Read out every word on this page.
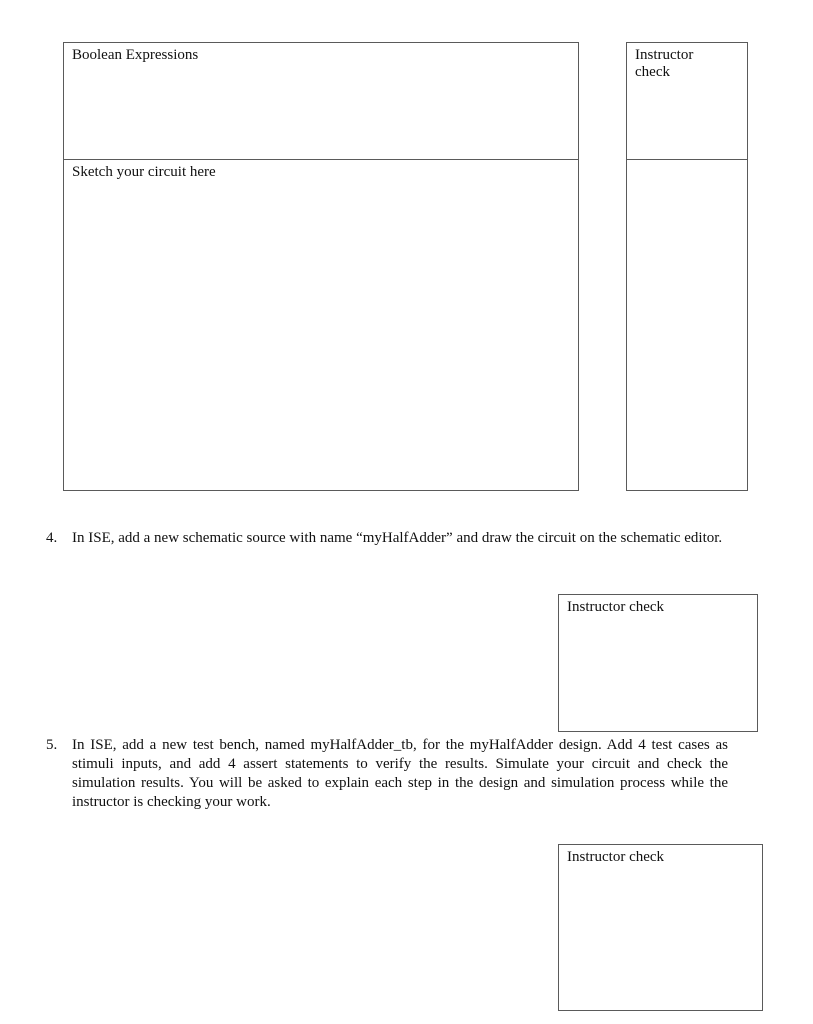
Boolean Expressions	Instructor check
Sketch your circuit here
4. In ISE, add a new schematic source with name “myHalfAdder” and draw the circuit on the schematic editor.
Instructor check
5. In ISE, add a new test bench, named myHalfAdder_tb, for the myHalfAdder design. Add 4 test cases as stimuli inputs, and add 4 assert statements to verify the results. Simulate your circuit and check the simulation results. You will be asked to explain each step in the design and simulation process while the instructor is checking your work.
Instructor check
